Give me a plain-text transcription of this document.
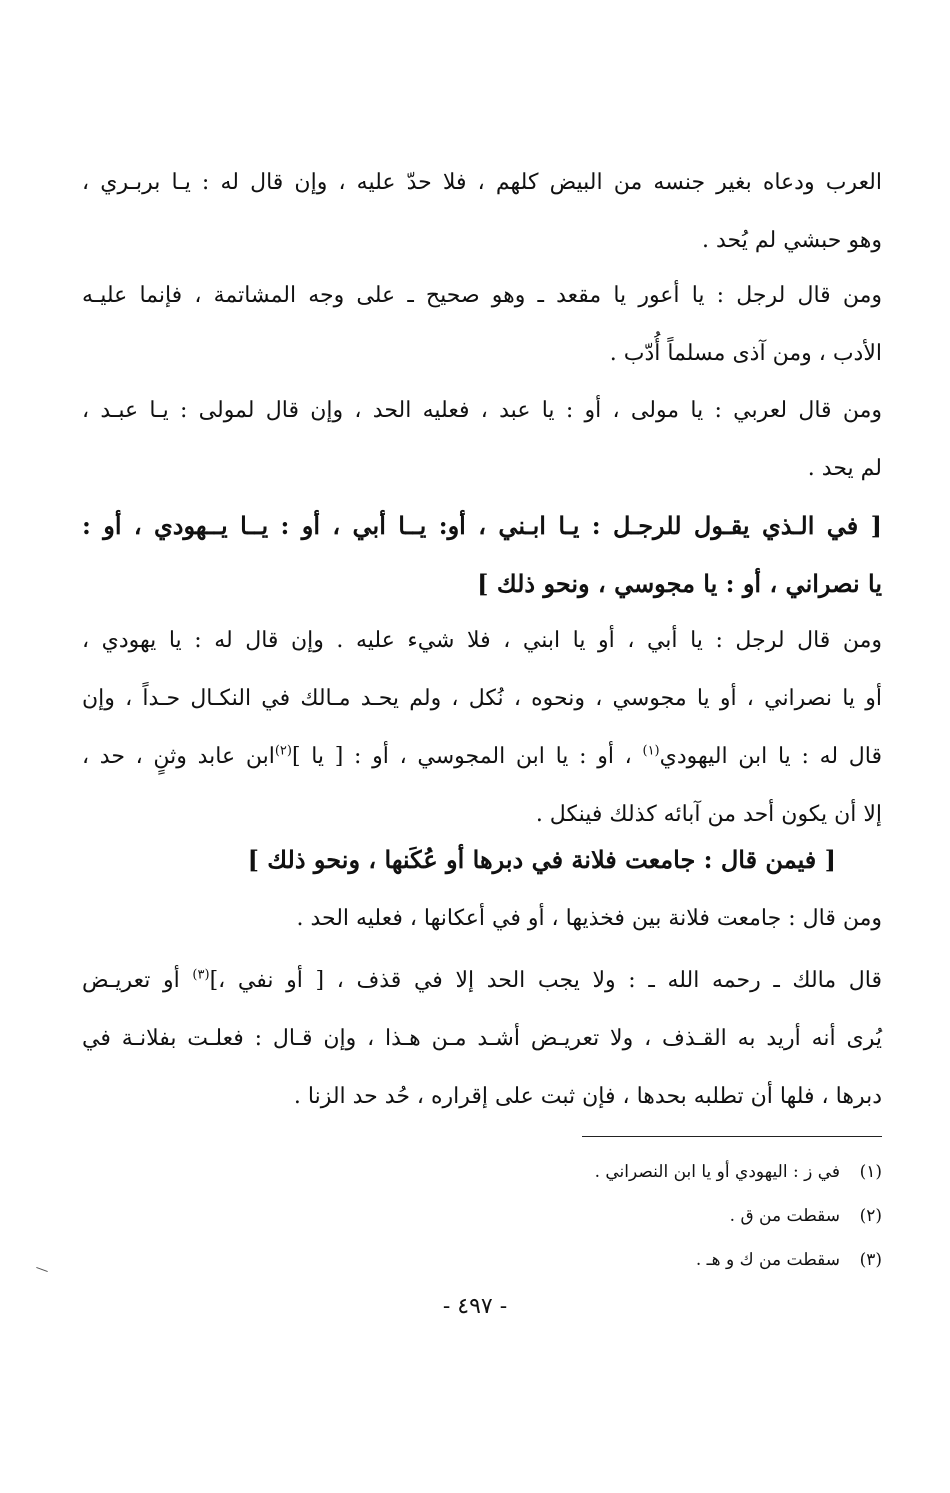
العرب ودعاه بغير جنسه من البيض كلهم ، فلا حدّ عليه ، وإن قال له : يـا بربـري ،
وهو حبشي لم يُحد .
ومن قال لرجل : يا أعور يا مقعد ـ وهو صحيح ـ على وجه المشاتمة ، فإنما عليـه
الأدب ، ومن آذى مسلماً أُدّب .
ومن قال لعربي : يا مولى ، أو : يا عبد ، فعليه الحد ، وإن قال لمولى : يـا عبـد ،
لم يحد .
[ في الـذي يقـول للرجـل : يـا ابـني ، أو: يــا أبي ، أو : يــا يــهودي ، أو :
يا نصراني ، أو : يا مجوسي ، ونحو ذلك ]
ومن قال لرجل : يا أبي ، أو يا ابني ، فلا شيء عليه . وإن قال له : يا يهودي ،
أو يا نصراني ، أو يا مجوسي ، ونحوه ، نُكل ، ولم يحـد مـالك في النكـال حـداً ، وإن
قال له : يا ابن اليهودي$^{(١)}$ ، أو : يا ابن المجوسي ، أو : [ يا ]$^{(٢)}$ابن عابد وثنٍ ، حد ،
إلا أن يكون أحد من آبائه كذلك فينكل .
[ فيمن قال : جامعت فلانة في دبرها أو عُكَنها ، ونحو ذلك ]
ومن قال : جامعت فلانة بين فخذيها ، أو في أعكانها ، فعليه الحد .
قال مالك ـ رحمه الله ـ : ولا يجب الحد إلا في قذف ، [ أو نفي ،]$^{(٣)}$ أو تعريـض
يُرى أنه أريد به القـذف ، ولا تعريـض أشـد مـن هـذا ، وإن قـال : فعلـت بفلانـة في
دبرها ، فلها أن تطلبه بحدها ، فإن ثبت على إقراره ، حُد حد الزنا .
(١)في ز : اليهودي أو يا ابن النصراني .
(٢)سقطت من ق .
(٣)سقطت من ك و هـ .
- ٤٩٧ -
